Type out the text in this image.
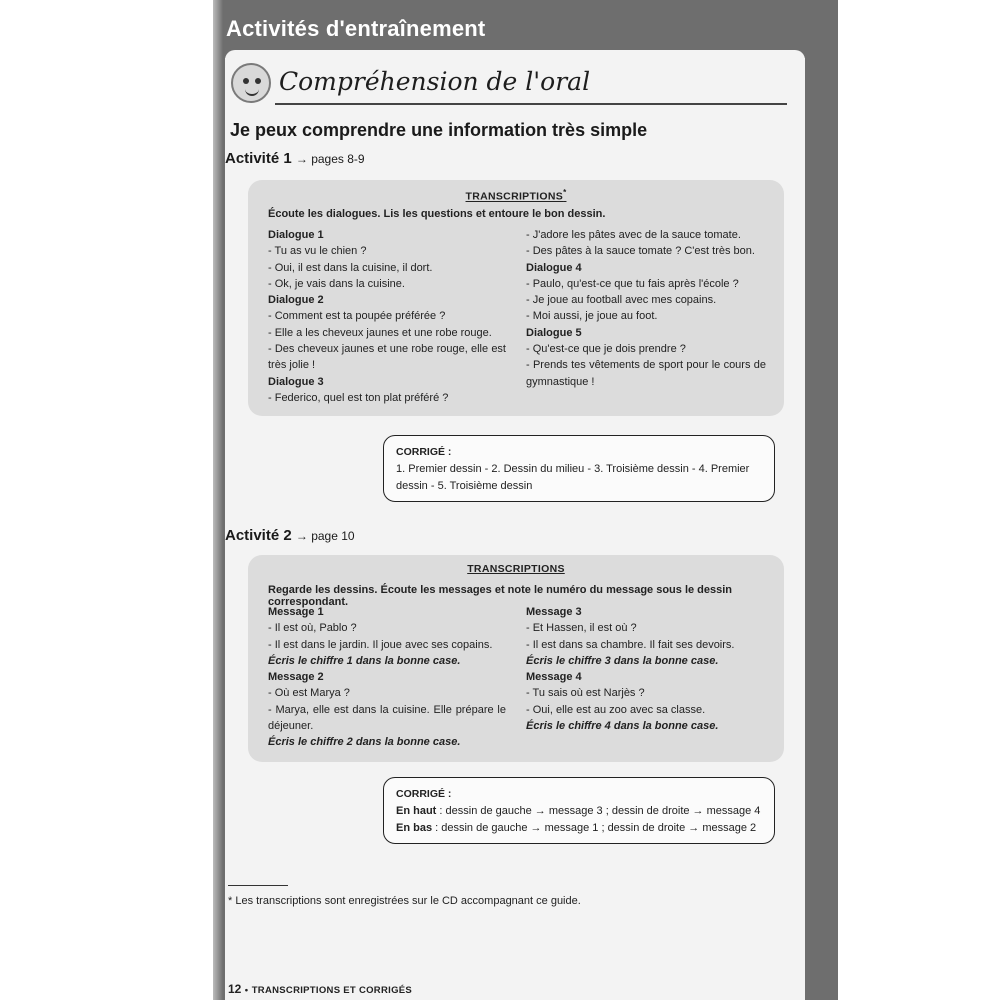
Activités d'entraînement
Compréhension de l'oral
Je peux comprendre une information très simple
Activité 1 → pages 8-9
TRANSCRIPTIONS*
Écoute les dialogues. Lis les questions et entoure le bon dessin.
Dialogue 1
- Tu as vu le chien ?
- Oui, il est dans la cuisine, il dort.
- Ok, je vais dans la cuisine.
Dialogue 2
- Comment est ta poupée préférée ?
- Elle a les cheveux jaunes et une robe rouge.
- Des cheveux jaunes et une robe rouge, elle est très jolie !
Dialogue 3
- Federico, quel est ton plat préféré ?
- J'adore les pâtes avec de la sauce tomate.
- Des pâtes à la sauce tomate ? C'est très bon.
Dialogue 4
- Paulo, qu'est-ce que tu fais après l'école ?
- Je joue au football avec mes copains.
- Moi aussi, je joue au foot.
Dialogue 5
- Qu'est-ce que je dois prendre ?
- Prends tes vêtements de sport pour le cours de gymnastique !
CORRIGÉ :
1. Premier dessin - 2. Dessin du milieu - 3. Troisième dessin - 4. Premier dessin - 5. Troisième dessin
Activité 2 → page 10
TRANSCRIPTIONS
Regarde les dessins. Écoute les messages et note le numéro du message sous le dessin correspondant.
Message 1
- Il est où, Pablo ?
- Il est dans le jardin. Il joue avec ses copains.
Écris le chiffre 1 dans la bonne case.
Message 2
- Où est Marya ?
- Marya, elle est dans la cuisine. Elle prépare le déjeuner.
Écris le chiffre 2 dans la bonne case.
Message 3
- Et Hassen, il est où ?
- Il est dans sa chambre. Il fait ses devoirs.
Écris le chiffre 3 dans la bonne case.
Message 4
- Tu sais où est Narjès ?
- Oui, elle est au zoo avec sa classe.
Écris le chiffre 4 dans la bonne case.
CORRIGÉ :
En haut : dessin de gauche → message 3 ; dessin de droite → message 4
En bas : dessin de gauche → message 1 ; dessin de droite → message 2
* Les transcriptions sont enregistrées sur le CD accompagnant ce guide.
12 • TRANSCRIPTIONS ET CORRIGÉS
